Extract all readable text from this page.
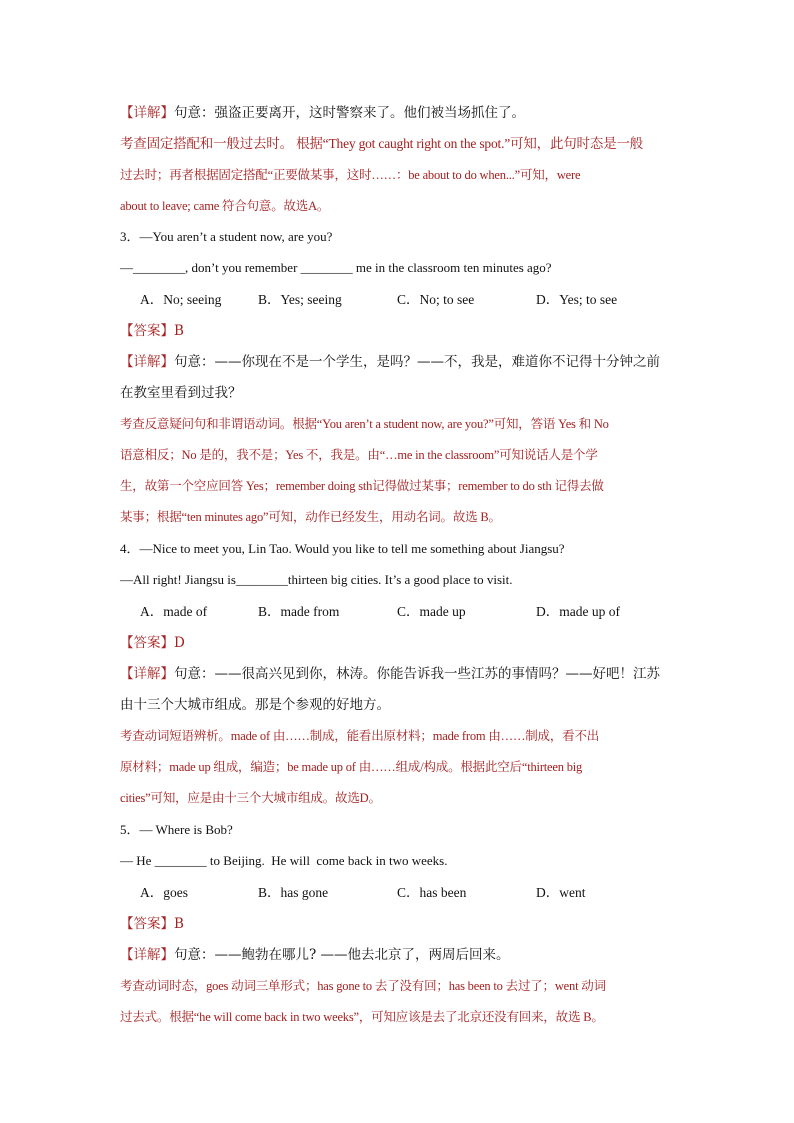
【详解】句意：强盗正要离开，这时警察来了。他们被当场抓住了。
考查固定搭配和一般过去时。 根据“They got caught right on the spot.”可知，此句时态是一般
过去时；再者根据固定搭配“正要做某事，这时……：be about to do when...”可知，were
about to leave; came 符合句意。故选A。
3．—You aren’t a student now, are you?
—________, don’t you remember ________ me in the classroom ten minutes ago?
A．No; seeing	B．Yes; seeing	C．No; to see	D．Yes; to see
【答案】B
【详解】句意：——你现在不是一个学生，是吗？——不，我是，难道你不记得十分钟之前
在教室里看到过我？
考查反意疑问句和非谓语动词。根据“You aren’t a student now, are you?”可知，答语 Yes 和 No
语意相反；No 是的，我不是；Yes 不，我是。由“…me in the classroom”可知说话人是个学
生，故第一个空应回答 Yes；remember doing sth记得做过某事；remember to do sth 记得去做
某事；根据“ten minutes ago”可知，动作已经发生，用动名词。故选 B。
4．—Nice to meet you, Lin Tao. Would you like to tell me something about Jiangsu?
—All right! Jiangsu is________thirteen big cities. It’s a good place to visit.
A．made of	B．made from	C．made up	D．made up of
【答案】D
【详解】句意：——很高兴见到你，林涛。你能告诉我一些江苏的事情吗？——好吧！江苏
由十三个大城市组成。那是个参观的好地方。
考查动词短语辨析。made of 由……制成，能看出原材料；made from 由……制成，看不出
原材料；made up 组成，编造；be made up of 由……组成/构成。根据此空后“thirteen big
cities”可知，应是由十三个大城市组成。故选D。
5．— Where is Bob?
— He ________ to Beijing.  He will  come back in two weeks.
A．goes	B．has gone	C．has been	D．went
【答案】B
【详解】句意：——鲍勃在哪儿? ——他去北京了，两周后回来。
考查动词时态，goes 动词三单形式；has gone to 去了没有回；has been to 去过了；went 动词
过去式。根据“he will come back in two weeks”，可知应该是去了北京还没有回来，故选 B。
